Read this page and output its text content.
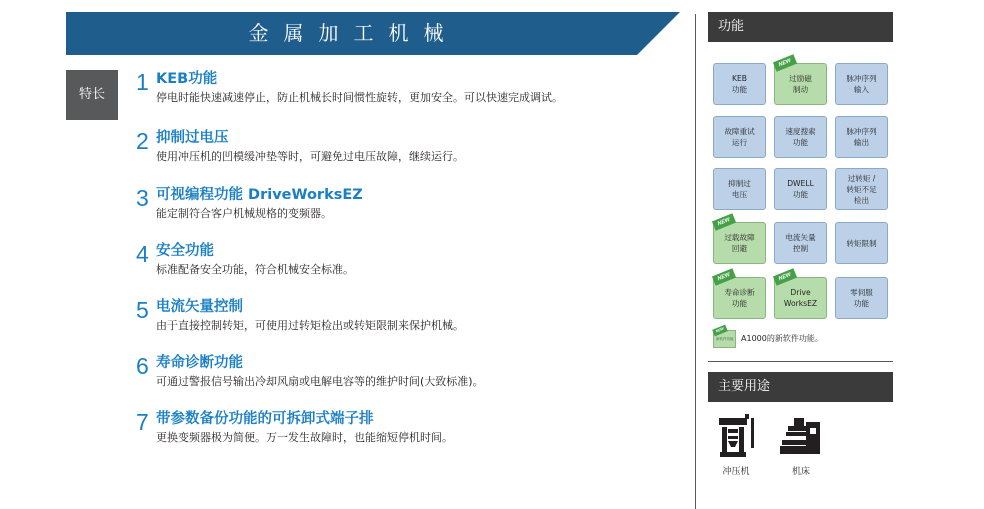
金属加工机械
特长	1 KEB功能
停电时能快速减速停止，防止机械长时间惯性旋转，更加安全。可以快速完成调试。
2 抑制过电压
使用冲压机的凹模缓冲垫等时，可避免过电压故障，继续运行。
3 可视编程功能 DriveWorksEZ
能定制符合客户机械规格的变频器。
4 安全功能
标准配备安全功能，符合机械安全标准。
5 电流矢量控制
由于直接控制转矩，可使用过转矩检出或转矩限制来保护机械。
6 寿命诊断功能
可通过警报信号输出冷却风扇或电解电容等的维护时间(大致标准)。
7 带参数备份功能的可拆卸式端子排
更换变频器极为简便。万一发生故障时，也能缩短停机时间。
功能
KEB
功能
NEW
过励磁
制动
脉冲序列
输入
故障重试
运行
速度搜索
功能
脉冲序列
输出
抑制过
电压
DWELL
功能
过转矩 /
转矩不足
检出
NEW
过载故障
回避
电流矢量
控制
转矩限制
NEW
寿命诊断
功能
NEW
Drive
WorksEZ
零伺服
功能
NEW
新软件功能 A1000的新软件功能。
主要用途
冲压机	机床
